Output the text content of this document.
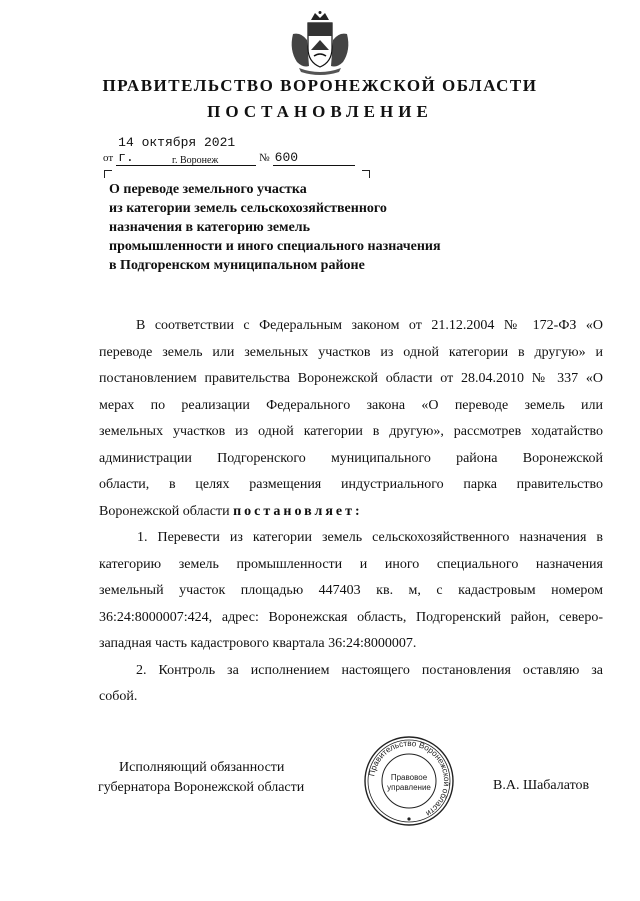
ПРАВИТЕЛЬСТВО ВОРОНЕЖСКОЙ ОБЛАСТИ
ПОСТАНОВЛЕНИЕ
от 14 октября 2021 г.	№ 600
г. Воронеж
О переводе земельного участка
из категории земель сельскохозяйственного
назначения в категорию земель
промышленности и иного специального назначения
в Подгоренском муниципальном районе
В соответствии с Федеральным законом от 21.12.2004 № 172-ФЗ «О
переводе земель или земельных участков из одной категории в другую» и
постановлением правительства Воронежской области от 28.04.2010 № 337 «О
мерах по реализации Федерального закона «О переводе земель или
земельных участков из одной категории в другую», рассмотрев ходатайство
администрации Подгоренского муниципального района Воронежской
области, в целях размещения индустриального парка правительство
Воронежской области постановляет:
1. Перевести из категории земель сельскохозяйственного назначения в
категорию земель промышленности и иного специального назначения
земельный участок площадью 447403 кв. м, с кадастровым номером
36:24:8000007:424, адрес: Воронежская область, Подгоренский район, северо-
западная часть кадастрового квартала 36:24:8000007.
2. Контроль за исполнением настоящего постановления оставляю за
собой.
Исполняющий обязанности
губернатора Воронежской области
Правительство Воронежской области
Правовое
управление	В.А. Шабалатов
